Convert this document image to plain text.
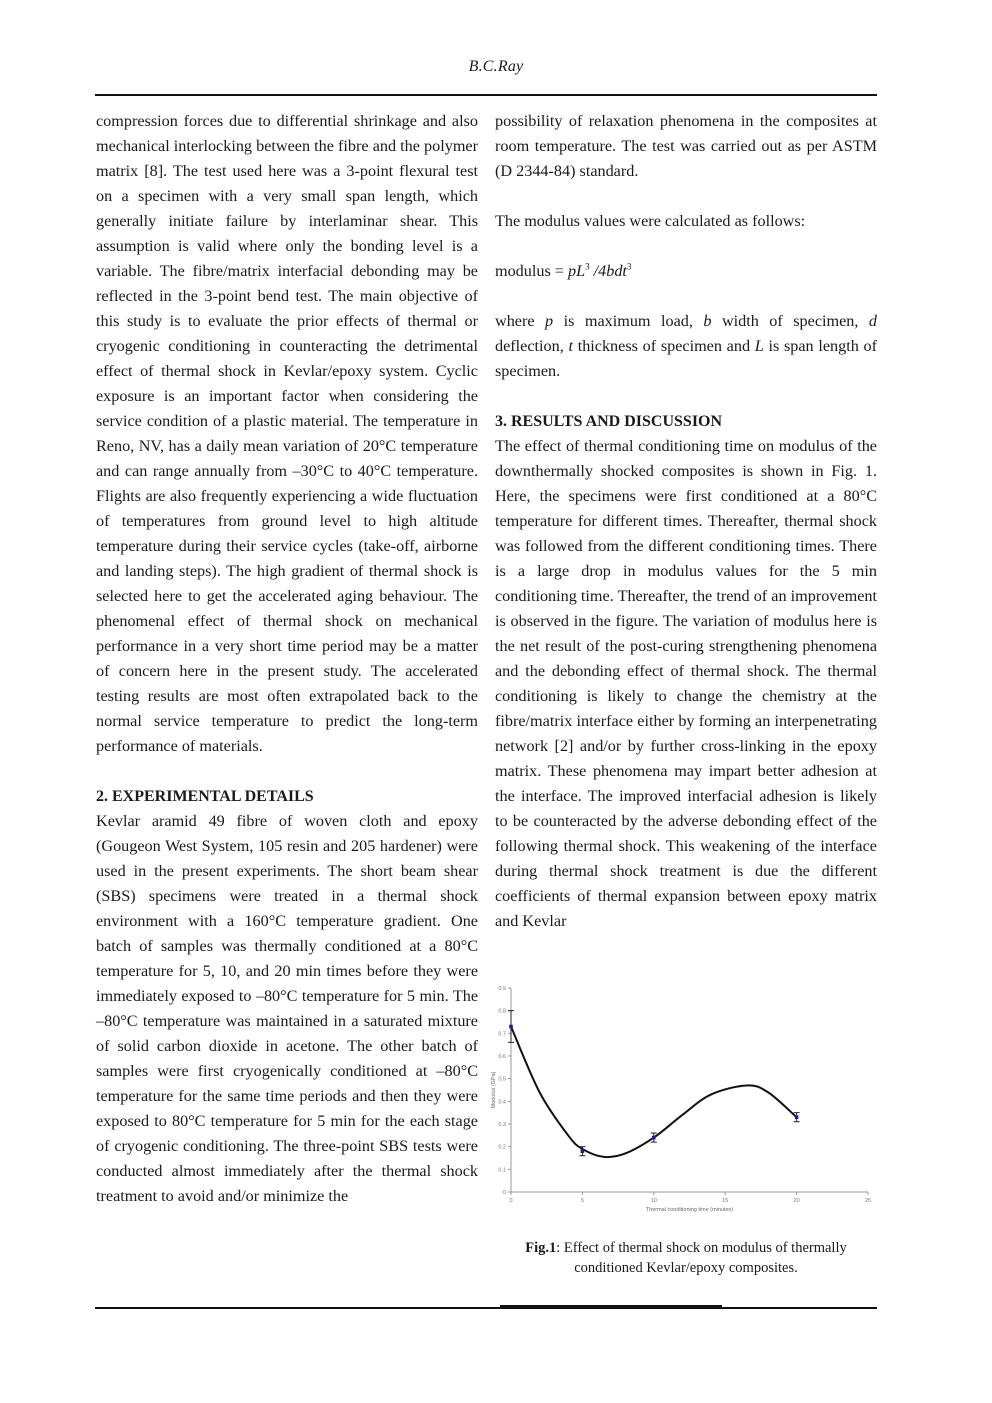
B.C.Ray

compression forces due to differential shrinkage and also mechanical interlocking between the fibre and the polymer matrix [8]. The test used here was a 3-point flexural test on a specimen with a very small span length, which generally initiate failure by interlaminar shear. This assumption is valid where only the bonding level is a variable. The fibre/matrix interfacial debonding may be reflected in the 3-point bend test. The main objective of this study is to evaluate the prior effects of thermal or cryogenic conditioning in counteracting the detrimental effect of thermal shock in Kevlar/epoxy system. Cyclic exposure is an important factor when considering the service condition of a plastic material. The temperature in Reno, NV, has a daily mean variation of 20°C temperature and can range annually from –30°C to 40°C temperature. Flights are also frequently experiencing a wide fluctuation of temperatures from ground level to high altitude temperature during their service cycles (take-off, airborne and landing steps). The high gradient of thermal shock is selected here to get the accelerated aging behaviour. The phenomenal effect of thermal shock on mechanical performance in a very short time period may be a matter of concern here in the present study. The accelerated testing results are most often extrapolated back to the normal service temperature to predict the long-term performance of materials.

2. EXPERIMENTAL DETAILS

Kevlar aramid 49 fibre of woven cloth and epoxy (Gougeon West System, 105 resin and 205 hardener) were used in the present experiments. The short beam shear (SBS) specimens were treated in a thermal shock environment with a 160°C temperature gradient. One batch of samples was thermally conditioned at a 80°C temperature for 5, 10, and 20 min times before they were immediately exposed to –80°C temperature for 5 min. The –80°C temperature was maintained in a saturated mixture of solid carbon dioxide in acetone. The other batch of samples were first cryogenically conditioned at –80°C temperature for the same time periods and then they were exposed to 80°C temperature for 5 min for the each stage of cryogenic conditioning. The three-point SBS tests were conducted almost immediately after the thermal shock treatment to avoid and/or minimize the

possibility of relaxation phenomena in the composites at room temperature. The test was carried out as per ASTM (D 2344-84) standard.

The modulus values were calculated as follows:

modulus = $pL^3$ /4bdt$^3$

where p is maximum load, b width of specimen, d deflection, t thickness of specimen and L is span length of specimen.

3. RESULTS AND DISCUSSION

The effect of thermal conditioning time on modulus of the downthermally shocked composites is shown in Fig. 1. Here, the specimens were first conditioned at a 80°C temperature for different times. Thereafter, thermal shock was followed from the different conditioning times. There is a large drop in modulus values for the 5 min conditioning time. Thereafter, the trend of an improvement is observed in the figure. The variation of modulus here is the net result of the post-curing strengthening phenomena and the debonding effect of thermal shock. The thermal conditioning is likely to change the chemistry at the fibre/matrix interface either by forming an interpenetrating network [2] and/or by further cross-linking in the epoxy matrix. These phenomena may impart better adhesion at the interface. The improved interfacial adhesion is likely to be counteracted by the adverse debonding effect of the following thermal shock. This weakening of the interface during thermal shock treatment is due the different coefficients of thermal expansion between epoxy matrix and Kevlar

0
0.1
0.2
0.3
0.4
0.5
0.6
0.7
0.8
0.9
0	5	10	15	20	25
Thermal conditioning time (minutes)
Modulus (GPa)
Fig.1: Effect of thermal shock on modulus of thermally conditioned Kevlar/epoxy composites.
